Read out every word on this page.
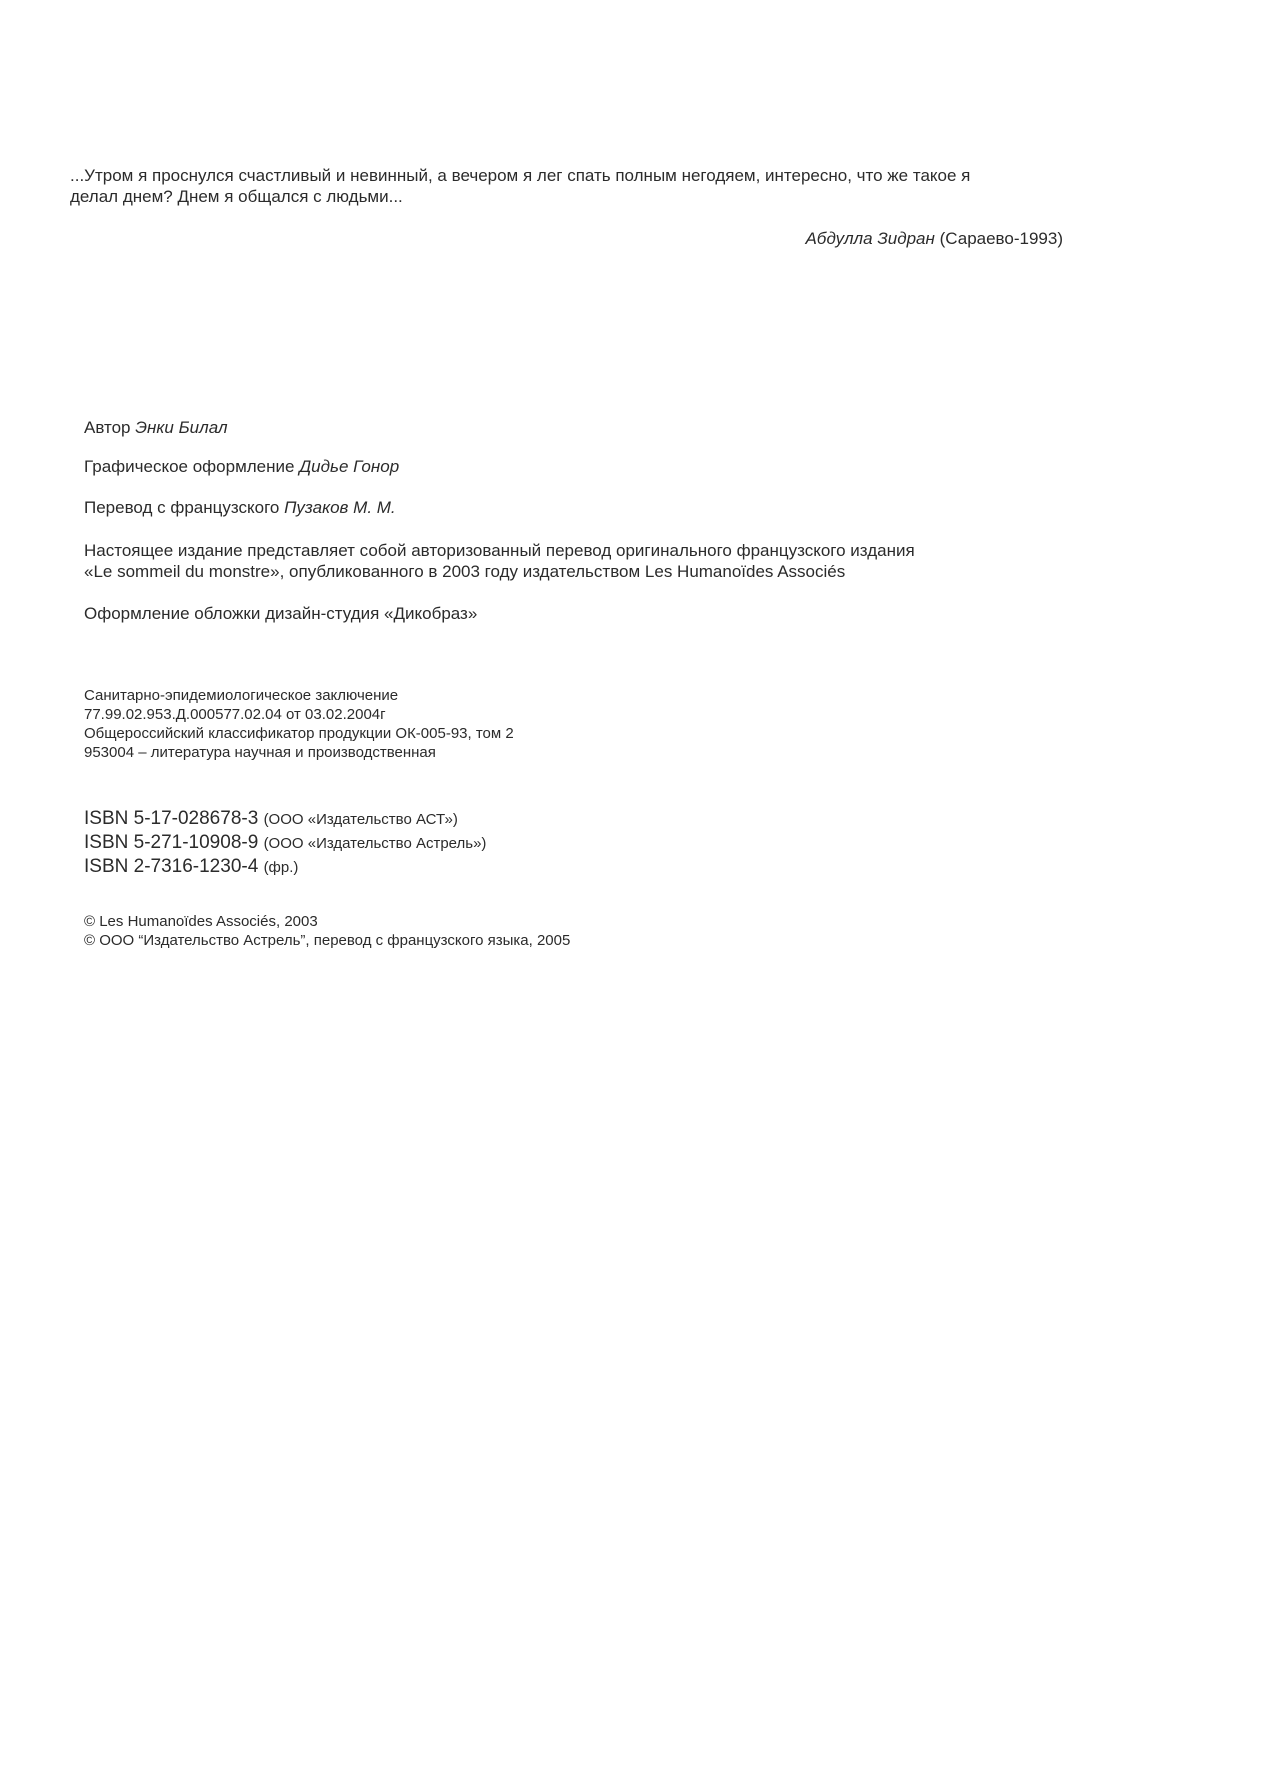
...Утром я проснулся счастливый и невинный, а вечером я лег спать полным негодяем, интересно, что же такое я
делал днем? Днем я общался с людьми...
Абдулла Зидран (Сараево-1993)
Автор Энки Билал
Графическое оформление Дидье Гонор
Перевод с французского Пузаков М. М.
Настоящее издание представляет собой авторизованный перевод оригинального французского издания
«Le sommeil du monstre», опубликованного в 2003 году издательством Les Humanoïdes Associés
Оформление обложки дизайн-студия «Дикобраз»
Санитарно-эпидемиологическое заключение
77.99.02.953.Д.000577.02.04 от 03.02.2004г
Общероссийский классификатор продукции ОК-005-93, том 2
953004 – литература научная и производственная
ISBN 5-17-028678-3 (ООО «Издательство АСТ»)
ISBN 5-271-10908-9 (ООО «Издательство Астрель»)
ISBN 2-7316-1230-4 (фр.)
© Les Humanoïdes Associés, 2003
© ООО “Издательство Астрель”, перевод с французского языка, 2005
